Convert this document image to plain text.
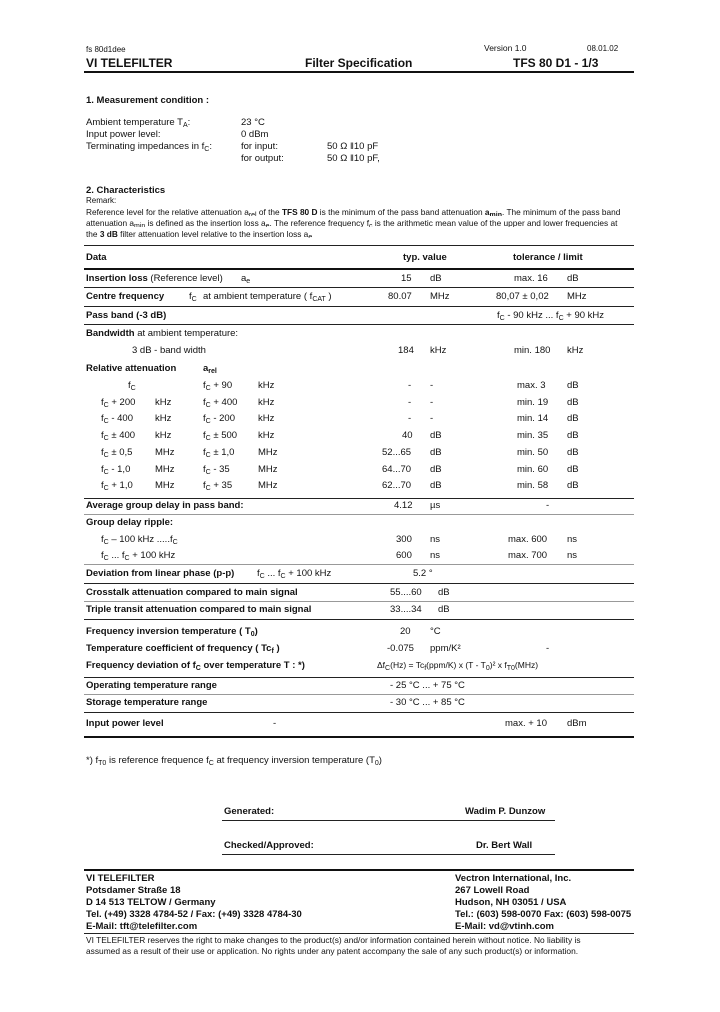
fs 80d1dee	Version 1.0	08.01.02
VI TELEFILTER	Filter Specification	TFS 80 D1 - 1/3
1. Measurement condition :
Ambient temperature $T_A$:	23 °C
Input power level:	0 dBm
Terminating impedances in $f_C$:	for input:	50 Ω ‖10 pF
for output:	50 Ω ‖10 pF,
2. Characteristics
Remark:
Reference level for the relative attenuation $a_{rel}$ of the TFS 80 D is the minimum of the pass band attenuation $a_{min}$. The minimum of the pass band
attenuation $a_{min}$ is defined as the insertion loss $a_e$. The reference frequency $f_c$ is the arithmetic mean value of the upper and lower frequencies at
the 3 dB filter attenuation level relative to the insertion loss $a_e$
Data	typ. value	tolerance / limit
Insertion loss (Reference level) $a_e$	15 dB	max. 16 dB
Centre frequency	$f_C$ at ambient temperature ( $f_{CAT}$ )	80.07 MHz	80,07 ± 0,02 MHz
Pass band (-3 dB)	$f_C - 90$ kHz ... $f_C + 90$ kHz
Bandwidth at ambient temperature:
3 dB - band width	184 kHz	min. 180 kHz
Relative attenuation	$a_{rel}$
$f_C$	$f_C + 90$	kHz	- -	max. 3 dB
$f_C + 200$ kHz	$f_C + 400$ kHz	- -	min. 19 dB
$f_C - 400$ kHz	$f_C - 200$ kHz	- -	min. 14 dB
$f_C \pm 400$ kHz	$f_C \pm 500$ kHz	40 dB	min. 35 dB
$f_C \pm 0,5$ MHz	$f_C \pm 1,0$ MHz	52...65 dB	min. 50 dB
$f_C - 1,0$	MHz	$f_C - 35$	MHz	64...70 dB	min. 60 dB
$f_C + 1,0$ MHz	$f_C + 35$	MHz	62...70 dB	min. 58 dB
Average group delay in pass band:	4.12 µs	-
Group delay ripple:
$f_C - 100$ kHz $.....f_C$	300 ns	max. 600 ns
$f_C$ ... $f_C + 100$ kHz	600 ns	max. 700 ns
Deviation from linear phase (p-p) $f_C$ ... $f_C + 100$ kHz	5.2 °
Crosstalk attenuation compared to main signal	55....60 dB
Triple transit attenuation compared to main signal	33....34 dB
Frequency inversion temperature ( $T_0$)	20 °C
Temperature coefficient of frequency ( $Tc_f$ )	-0.075 ppm/K²	-
Frequency deviation of $f_C$ over temperature T : *)	$\Delta f_C(Hz) = Tc_f(ppm/K)$ x $(T - T_0)^2$ x $f_{T0}(MHz)$
Operating temperature range	- 25 °C ... + 75 °C
Storage temperature range	- 30 °C ... + 85 °C
Input power level	-	max. + 10 dBm
*) $f_{T0}$ is reference frequence $f_C$ at frequency inversion temperature $(T_0)$
Generated:	Wadim P. Dunzow
Checked/Approved:	Dr. Bert Wall
VI TELEFILTER
Potsdamer Straße 18
D 14 513 TELTOW / Germany
Tel. (+49) 3328 4784-52 / Fax: (+49) 3328 4784-30
E-Mail: tft@telefilter.com
Vectron International, Inc.
267 Lowell Road
Hudson, NH 03051 / USA
Tel.: (603) 598-0070 Fax: (603) 598-0075
E-Mail: vd@vtinh.com
VI TELEFILTER reserves the right to make changes to the product(s) and/or information contained herein without notice. No liability is
assumed as a result of their use or application. No rights under any patent accompany the sale of any such product(s) or information.
